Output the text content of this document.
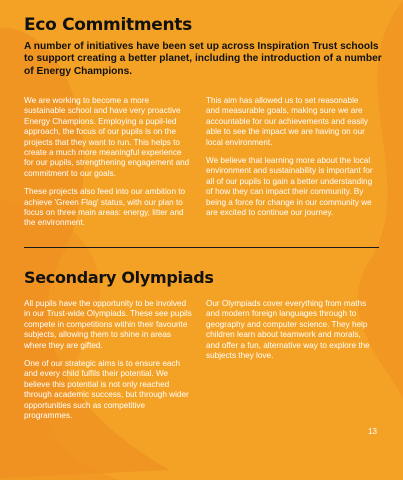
Eco Commitments
A number of initiatives have been set up across Inspiration Trust schools to support creating a better planet, including the introduction of a number of Energy Champions.

We are working to become a more sustainable school and have very proactive Energy Champions. Employing a pupil-led approach, the focus of our pupils is on the projects that they want to run. This helps to create a much more meaningful experience for our pupils, strengthening engagement and commitment to our goals.

These projects also feed into our ambition to achieve 'Green Flag' status, with our plan to focus on three main areas: energy, litter and the environment.

This aim has allowed us to set reasonable and measurable goals, making sure we are accountable for our achievements and easily able to see the impact we are having on our local environment.

We believe that learning more about the local environment and sustainability is important for all of our pupils to gain a better understanding of how they can impact their community. By being a force for change in our community we are excited to continue our journey.

Secondary Olympiads

All pupils have the opportunity to be involved in our Trust-wide Olympiads. These see pupils compete in competitions within their favourite subjects, allowing them to shine in areas where they are gifted.

One of our strategic aims is to ensure each and every child fulfils their potential. We believe this potential is not only reached through academic success, but through wider opportunities such as competitive programmes.

Our Olympiads cover everything from maths and modern foreign languages through to geography and computer science. They help children learn about teamwork and morals, and offer a fun, alternative way to explore the subjects they love.

13
